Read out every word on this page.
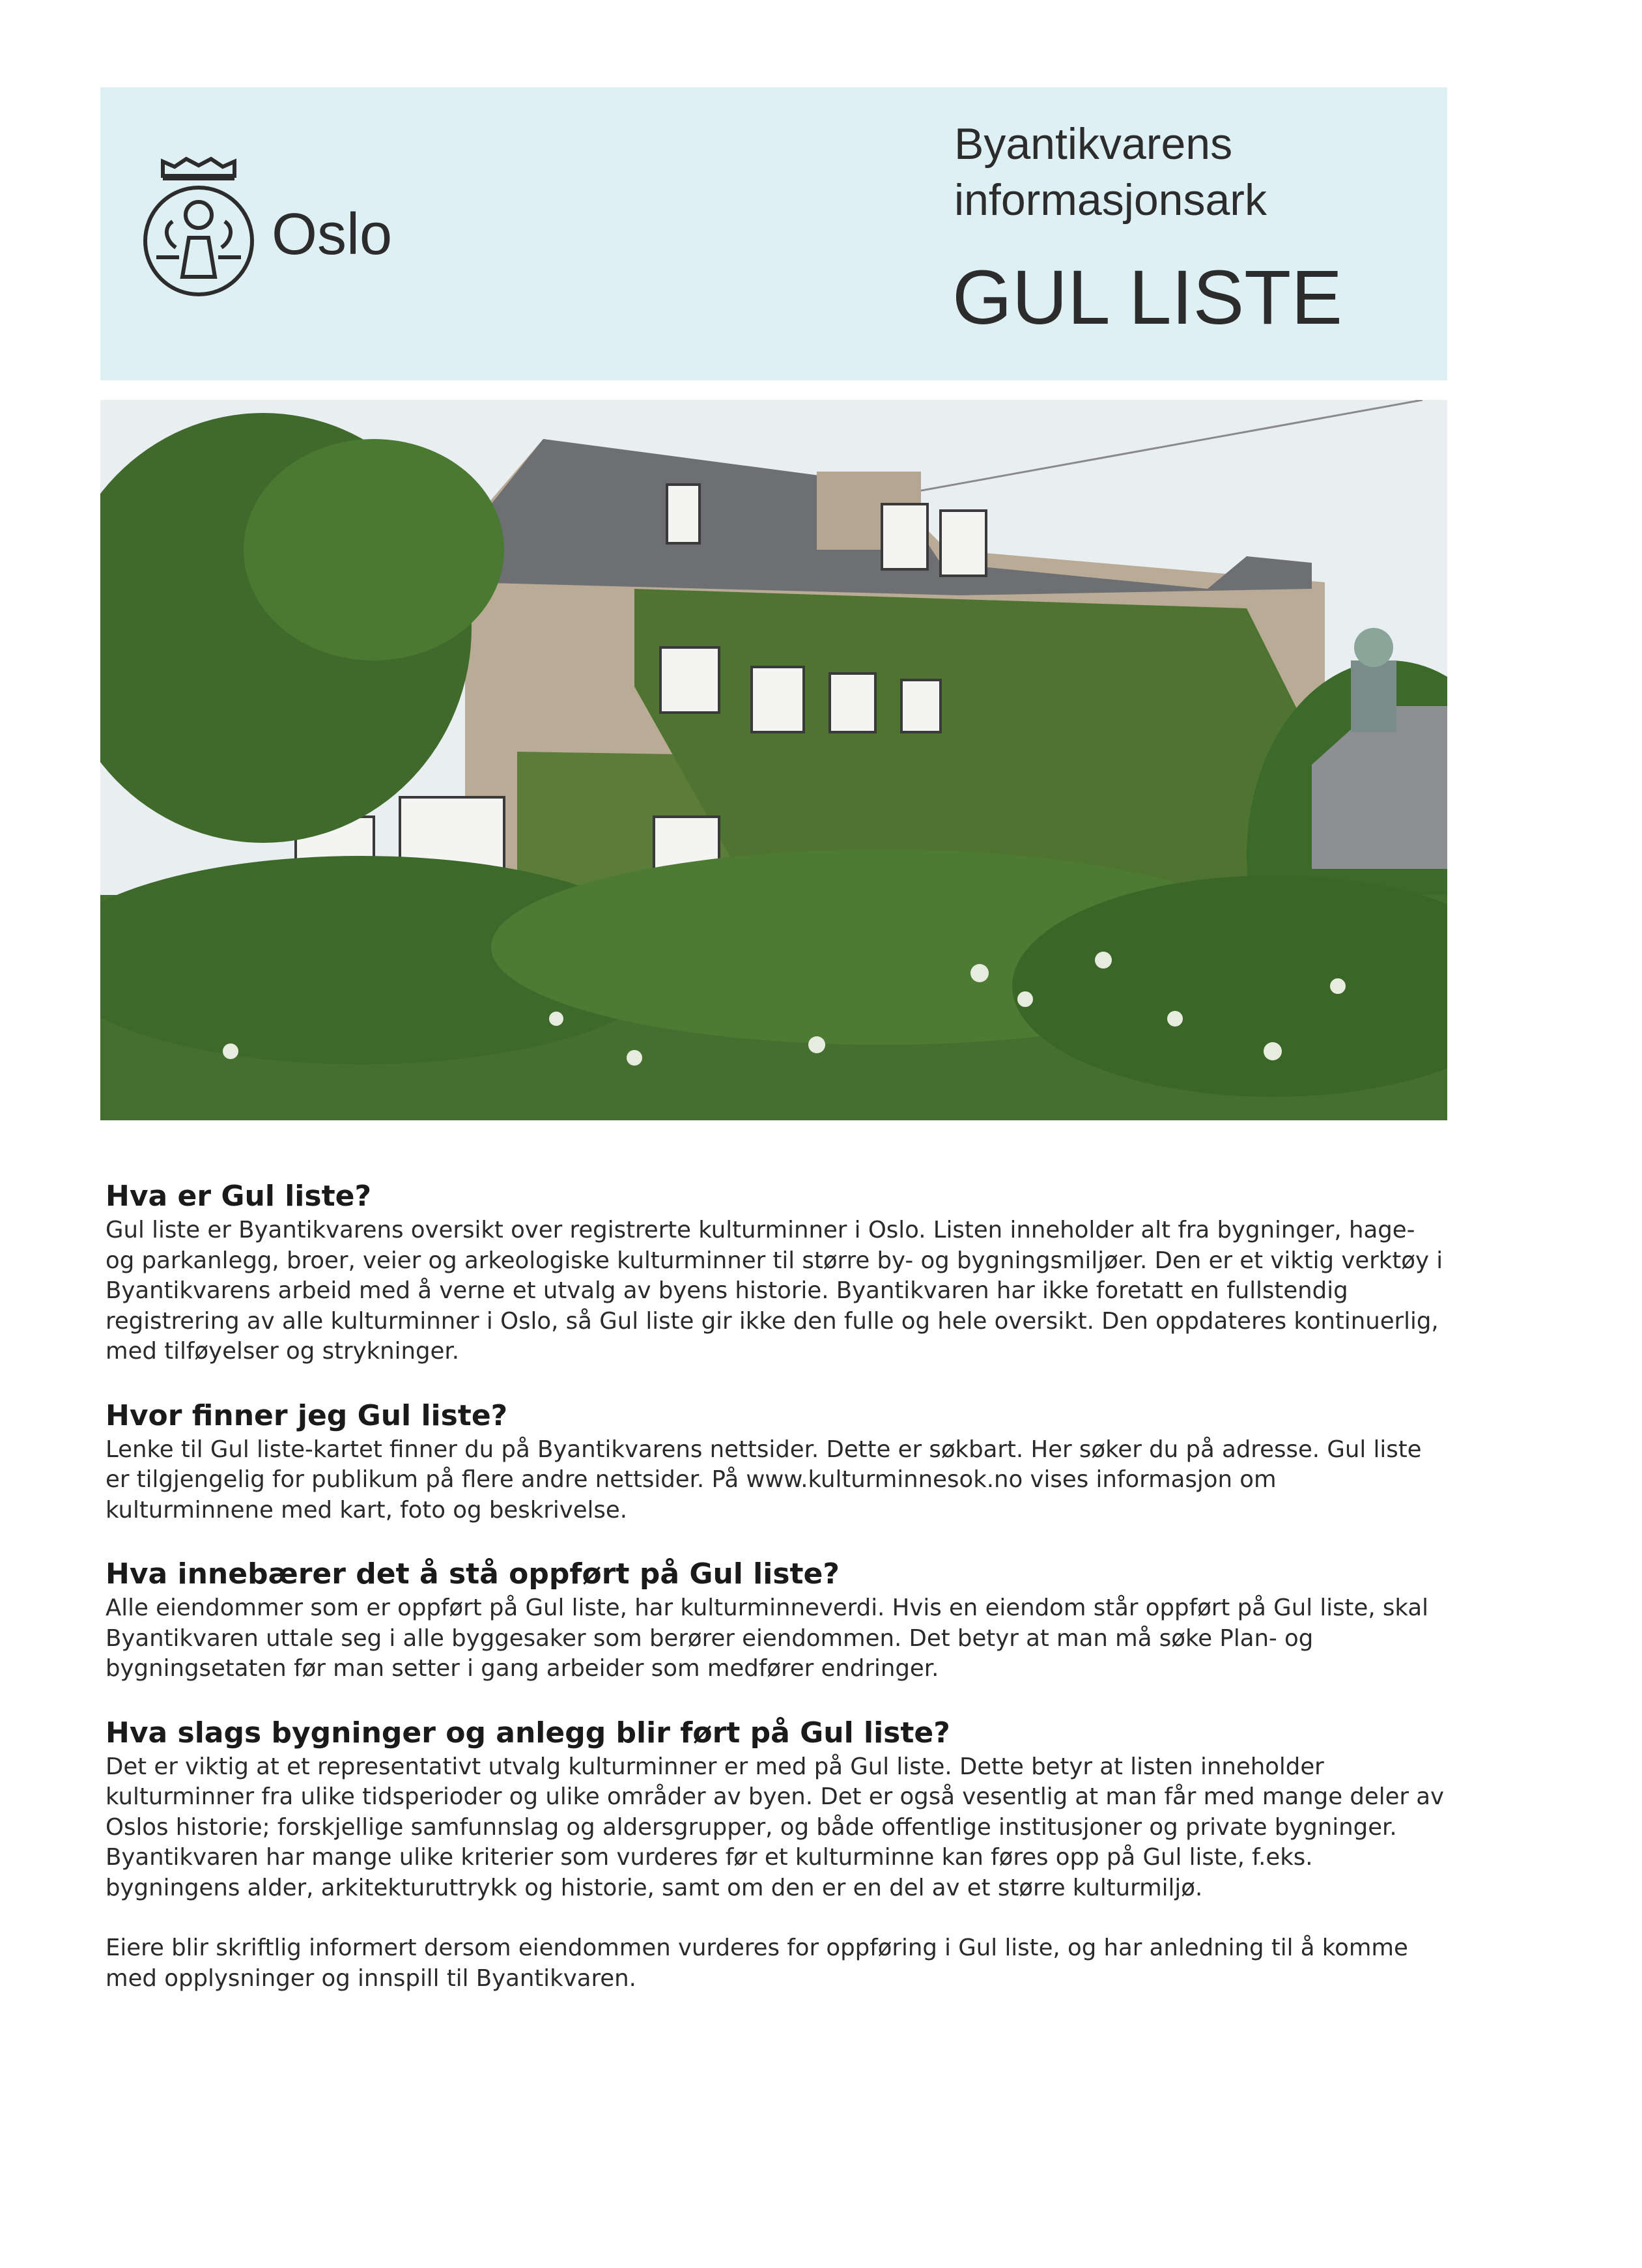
Oslo
Byantikvarens
informasjonsark
GUL LISTE
Hva er Gul liste?

Gul liste er Byantikvarens oversikt over registrerte kulturminner i Oslo. Listen inneholder alt fra bygninger, hage- og parkanlegg, broer, veier og arkeologiske kulturminner til større by- og bygningsmiljøer. Den er et viktig verktøy i Byantikvarens arbeid med å verne et utvalg av byens historie. Byantikvaren har ikke foretatt en fullstendig registrering av alle kulturminner i Oslo, så Gul liste gir ikke den fulle og hele oversikt. Den oppdateres kontinuerlig, med tilføyelser og strykninger.

Hvor finner jeg Gul liste?

Lenke til Gul liste-kartet finner du på Byantikvarens nettsider. Dette er søkbart. Her søker du på adresse. Gul liste er tilgjengelig for publikum på flere andre nettsider. På www.kulturminnesok.no vises informasjon om kulturminnene med kart, foto og beskrivelse.

Hva innebærer det å stå oppført på Gul liste?

Alle eiendommer som er oppført på Gul liste, har kulturminneverdi. Hvis en eiendom står oppført på Gul liste, skal Byantikvaren uttale seg i alle byggesaker som berører eiendommen. Det betyr at man må søke Plan- og bygningsetaten før man setter i gang arbeider som medfører endringer.

Hva slags bygninger og anlegg blir ført på Gul liste?

Det er viktig at et representativt utvalg kulturminner er med på Gul liste. Dette betyr at listen inneholder kulturminner fra ulike tidsperioder og ulike områder av byen. Det er også vesentlig at man får med mange deler av Oslos historie; forskjellige samfunnslag og aldersgrupper, og både offentlige institusjoner og private bygninger. Byantikvaren har mange ulike kriterier som vurderes før et kulturminne kan føres opp på Gul liste, f.eks. bygningens alder, arkitekturuttrykk og historie, samt om den er en del av et større kulturmiljø.

Eiere blir skriftlig informert dersom eiendommen vurderes for oppføring i Gul liste, og har anledning til å komme med opplysninger og innspill til Byantikvaren.
